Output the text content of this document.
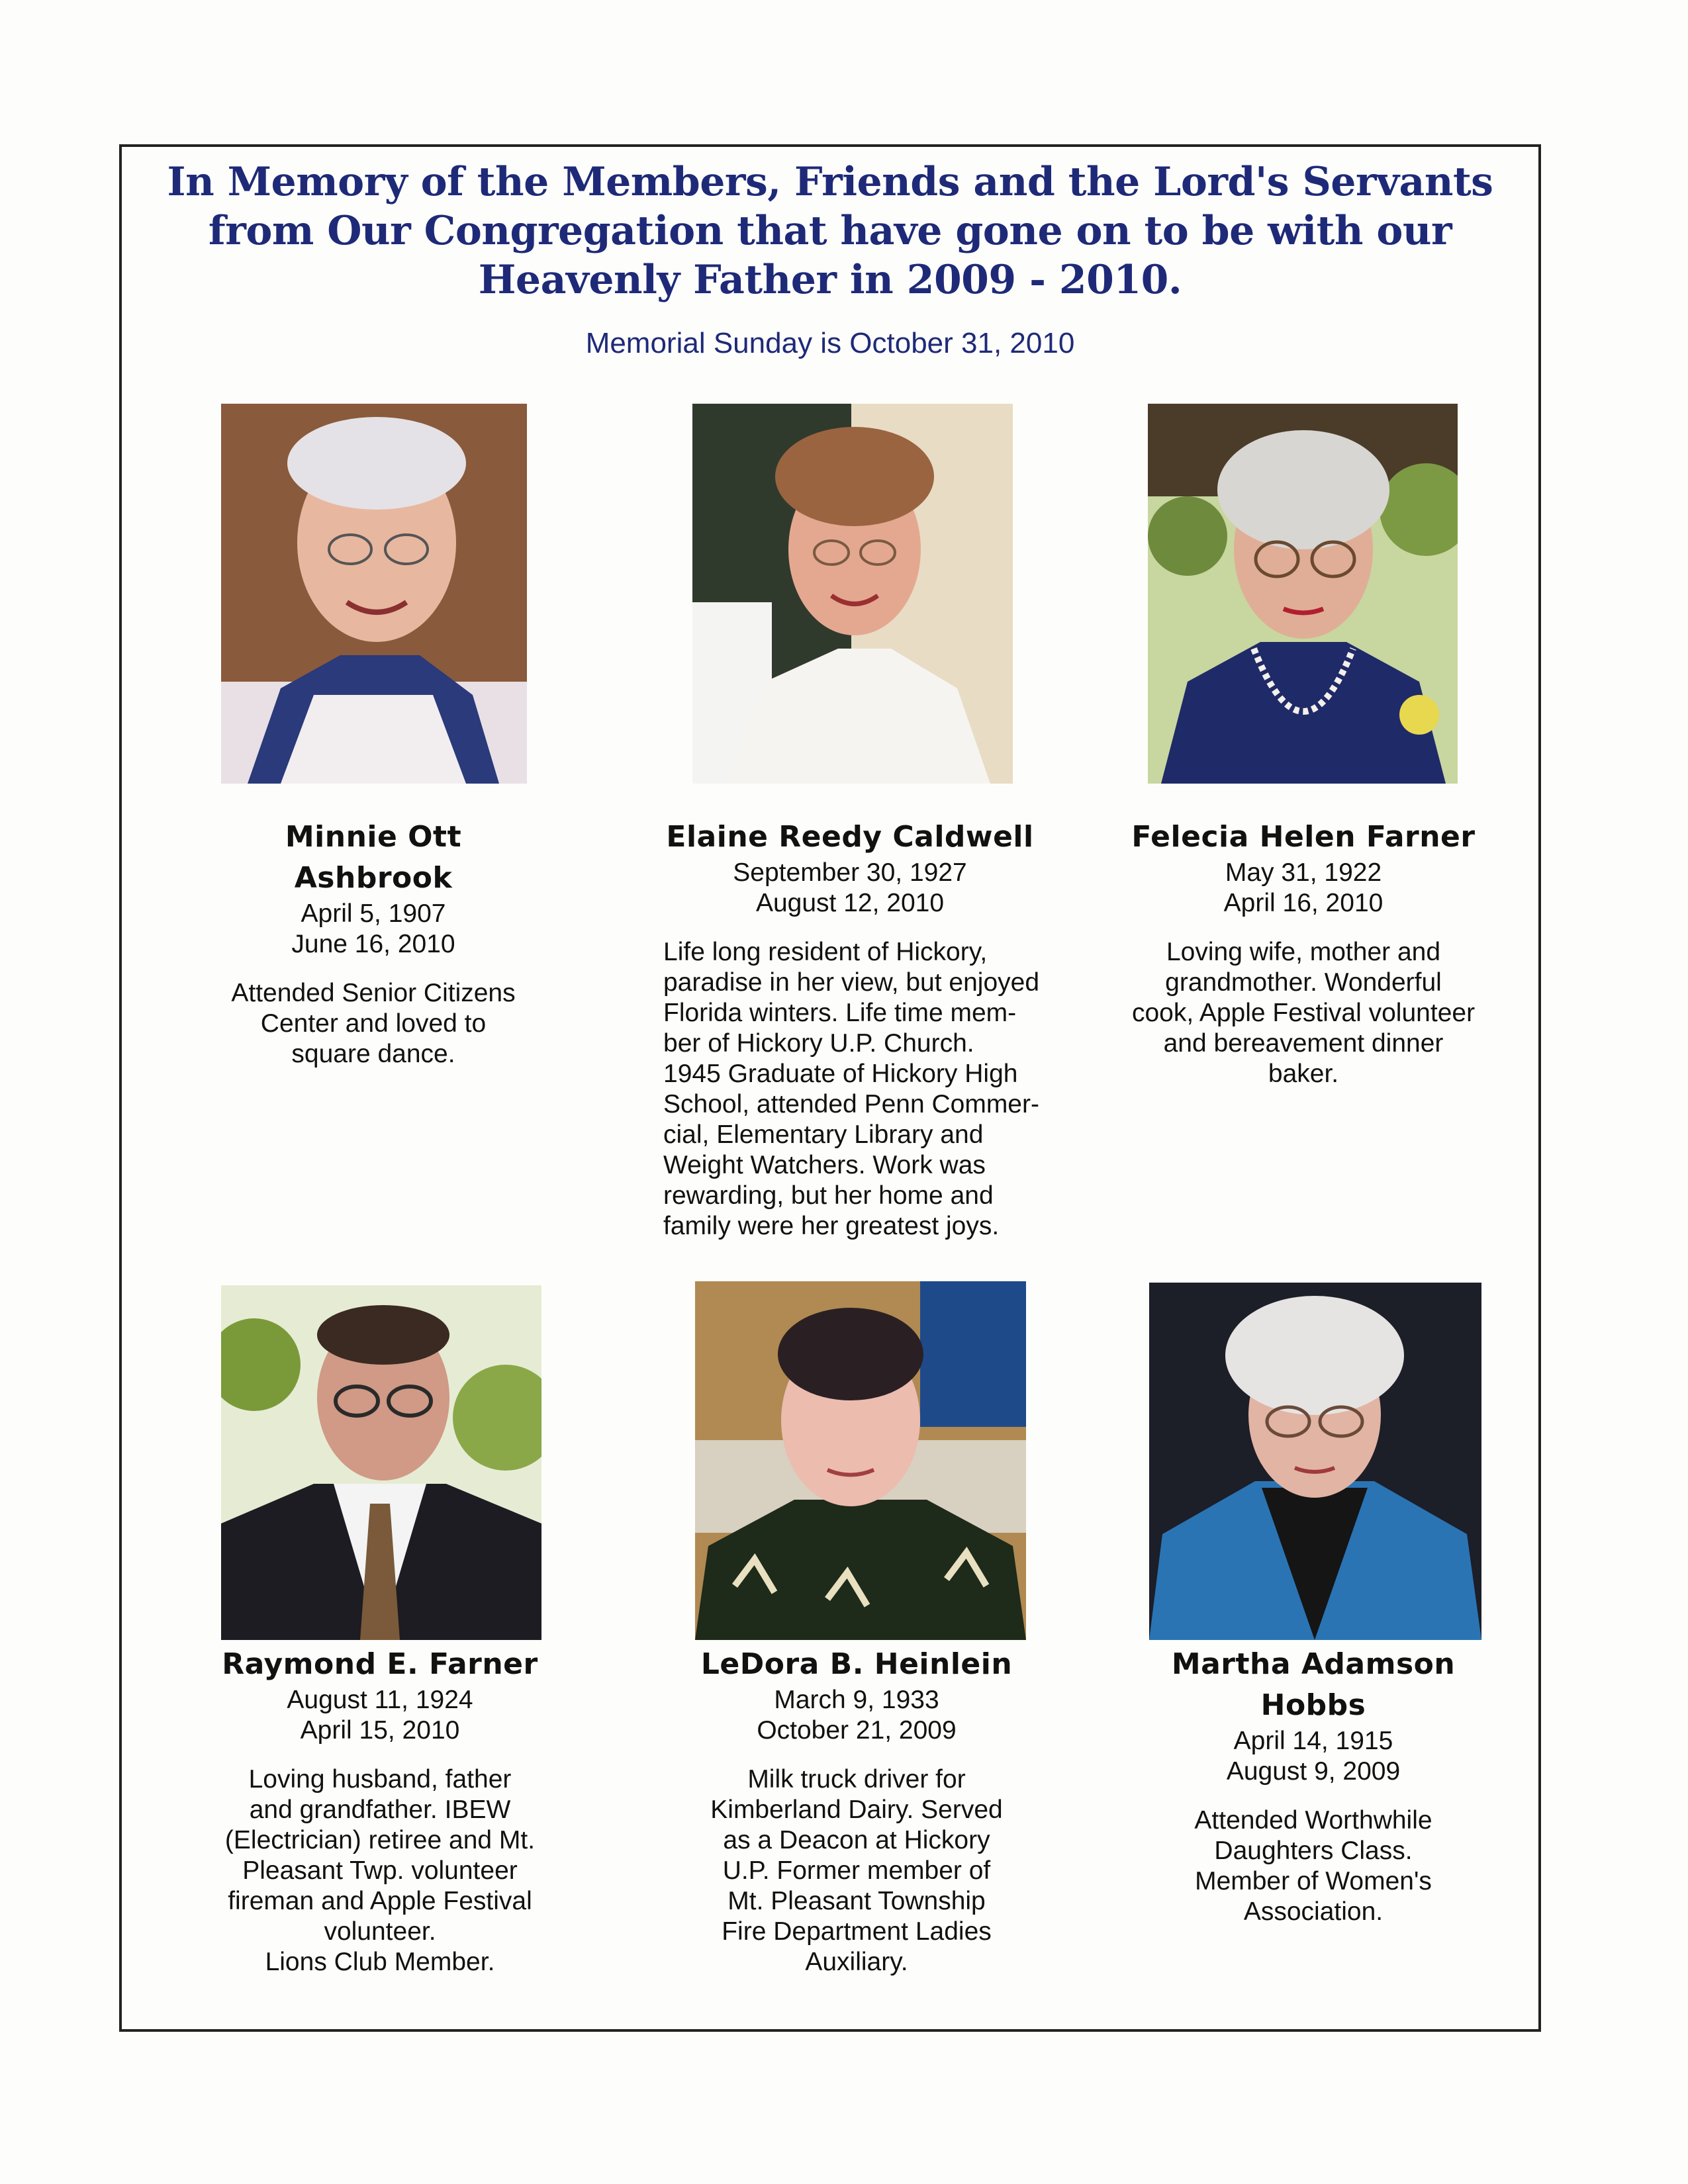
In Memory of the Members, Friends and the Lord's Servants
from Our Congregation that have gone on to be with our
Heavenly Father in 2009 - 2010.
Memorial Sunday is October 31, 2010
Minnie Ott
Ashbrook
April 5, 1907
June 16, 2010
Attended Senior Citizens
Center and loved to
square dance.
Elaine Reedy Caldwell
September 30, 1927
August 12, 2010
Life long resident of Hickory,
paradise in her view, but enjoyed
Florida winters. Life time mem-
ber of Hickory U.P. Church.
1945 Graduate of Hickory High
School, attended Penn Commer-
cial, Elementary Library and
Weight Watchers. Work was
rewarding, but her home and
family were her greatest joys.
Felecia Helen Farner
May 31, 1922
April 16, 2010
Loving wife, mother and
grandmother. Wonderful
cook, Apple Festival volunteer
and bereavement dinner
baker.
Raymond E. Farner
August 11, 1924
April 15, 2010
Loving husband, father
and grandfather. IBEW
(Electrician) retiree and Mt.
Pleasant Twp. volunteer
fireman and Apple Festival
volunteer.
Lions Club Member.
LeDora B. Heinlein
March 9, 1933
October 21, 2009
Milk truck driver for
Kimberland Dairy. Served
as a Deacon at Hickory
U.P. Former member of
Mt. Pleasant Township
Fire Department Ladies
Auxiliary.
Martha Adamson
Hobbs
April 14, 1915
August 9, 2009
Attended Worthwhile
Daughters Class.
Member of Women's
Association.
